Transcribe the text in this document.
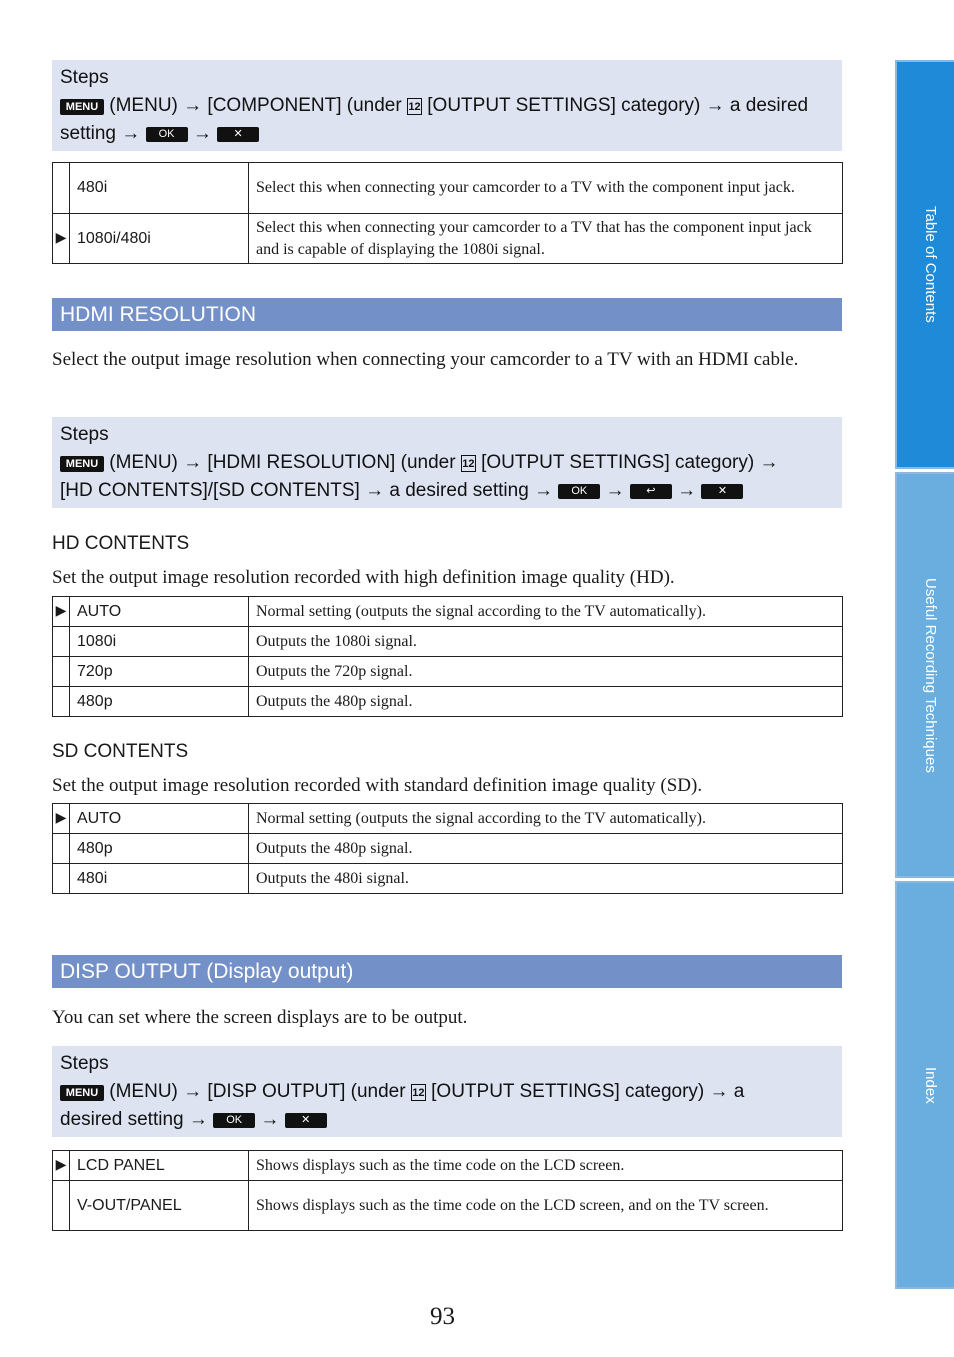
Steps
MENU (MENU) → [COMPONENT] (under 12 [OUTPUT SETTINGS] category) → a desired
setting → OK → ✕
	480i	Select this when connecting your camcorder to a TV with the component input jack.
▶	1080i/480i	Select this when connecting your camcorder to a TV that has the component input jack and is capable of displaying the 1080i signal.
HDMI RESOLUTION
Select the output image resolution when connecting your camcorder to a TV with an HDMI cable.
Steps
MENU (MENU) → [HDMI RESOLUTION] (under 12 [OUTPUT SETTINGS] category) →
[HD CONTENTS]/[SD CONTENTS] → a desired setting → OK → ↩ → ✕
HD CONTENTS
Set the output image resolution recorded with high definition image quality (HD).
▶	AUTO	Normal setting (outputs the signal according to the TV automatically).
	1080i	Outputs the 1080i signal.
	720p	Outputs the 720p signal.
	480p	Outputs the 480p signal.
SD CONTENTS
Set the output image resolution recorded with standard definition image quality (SD).
▶	AUTO	Normal setting (outputs the signal according to the TV automatically).
	480p	Outputs the 480p signal.
	480i	Outputs the 480i signal.
DISP OUTPUT (Display output)
You can set where the screen displays are to be output.
Steps
MENU (MENU) → [DISP OUTPUT] (under 12 [OUTPUT SETTINGS] category) → a
desired setting → OK → ✕
▶	LCD PANEL	Shows displays such as the time code on the LCD screen.
	V-OUT/PANEL	Shows displays such as the time code on the LCD screen, and on the TV screen.
Table of Contents
Useful Recording Techniques
Index
93
